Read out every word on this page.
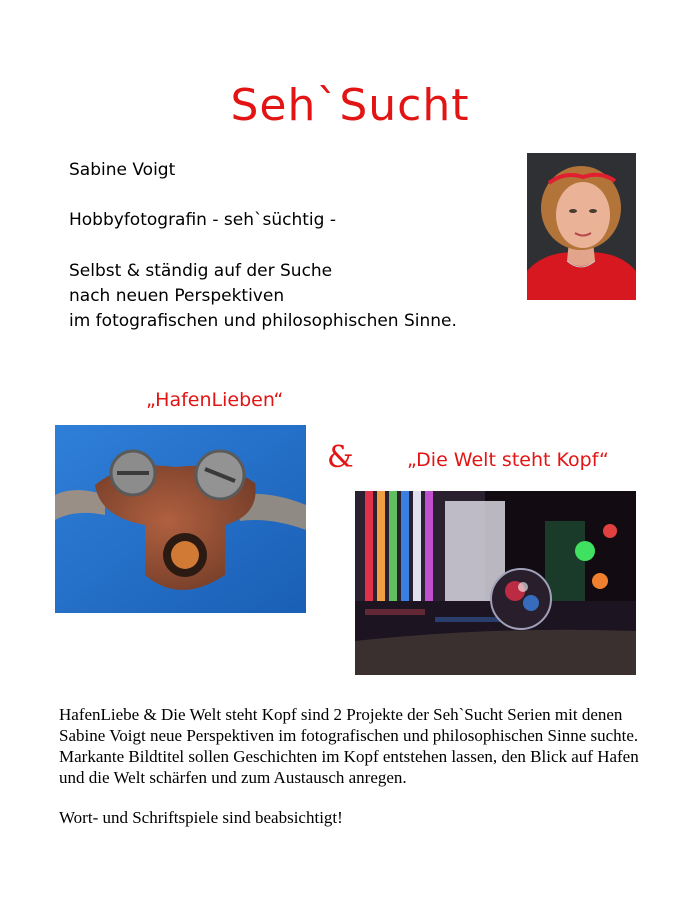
Seh`Sucht
Sabine Voigt
Hobbyfotografin - seh`süchtig -
Selbst & ständig auf der Suche
nach neuen Perspektiven
im fotografischen und philosophischen Sinne.
„HafenLieben“
&	„Die Welt steht Kopf“

HafenLiebe & Die Welt steht Kopf sind 2 Projekte der Seh`Sucht Serien mit denen Sabine Voigt neue Perspektiven im fotografischen und philosophischen Sinne suchte.

Markante Bildtitel sollen Geschichten im Kopf entstehen lassen, den Blick auf Hafen und die Welt schärfen und zum Austausch anregen.

Wort- und Schriftspiele sind beabsichtigt!
